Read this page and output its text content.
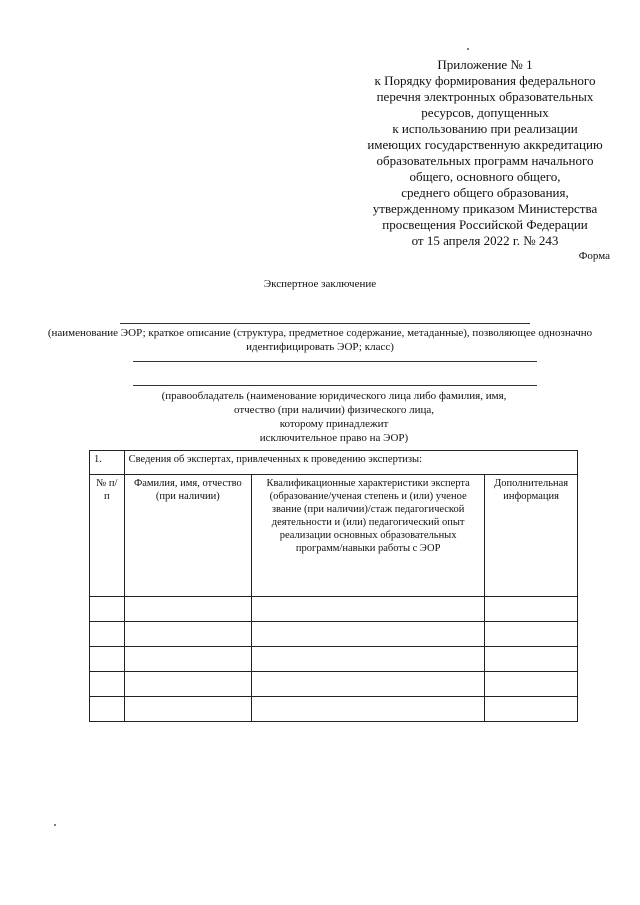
Приложение № 1
к Порядку формирования федерального
перечня электронных образовательных
ресурсов, допущенных
к использованию при реализации
имеющих государственную аккредитацию
образовательных программ начального
общего, основного общего,
среднего общего образования,
утвержденному приказом Министерства
просвещения Российской Федерации
от 15 апреля 2022 г. № 243
Форма
Экспертное заключение
(наименование ЭОР; краткое описание (структура, предметное содержание, метаданные), позволяющее однозначно
идентифицировать ЭОР; класс)
(правообладатель (наименование юридического лица либо фамилия, имя,
отчество (при наличии) физического лица,
которому принадлежит
исключительное право на ЭОР)
1.	Сведения об экспертах, привлеченных к проведению экспертизы:		
№ п/п	Фамилия, имя, отчество (при наличии)	Квалификационные характеристики эксперта (образование/ученая степень и (или) ученое звание (при наличии)/стаж педагогической деятельности и (или) педагогический опыт реализации основных образовательных программ/навыки работы с ЭОР	Дополнительная информация
